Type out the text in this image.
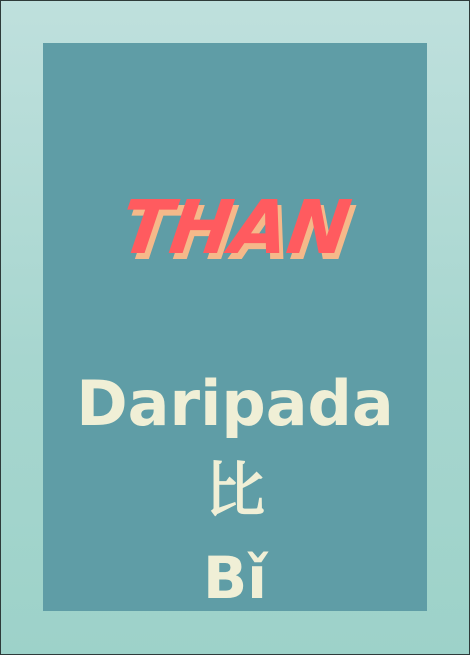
THAN
Daripada
比
Bǐ
